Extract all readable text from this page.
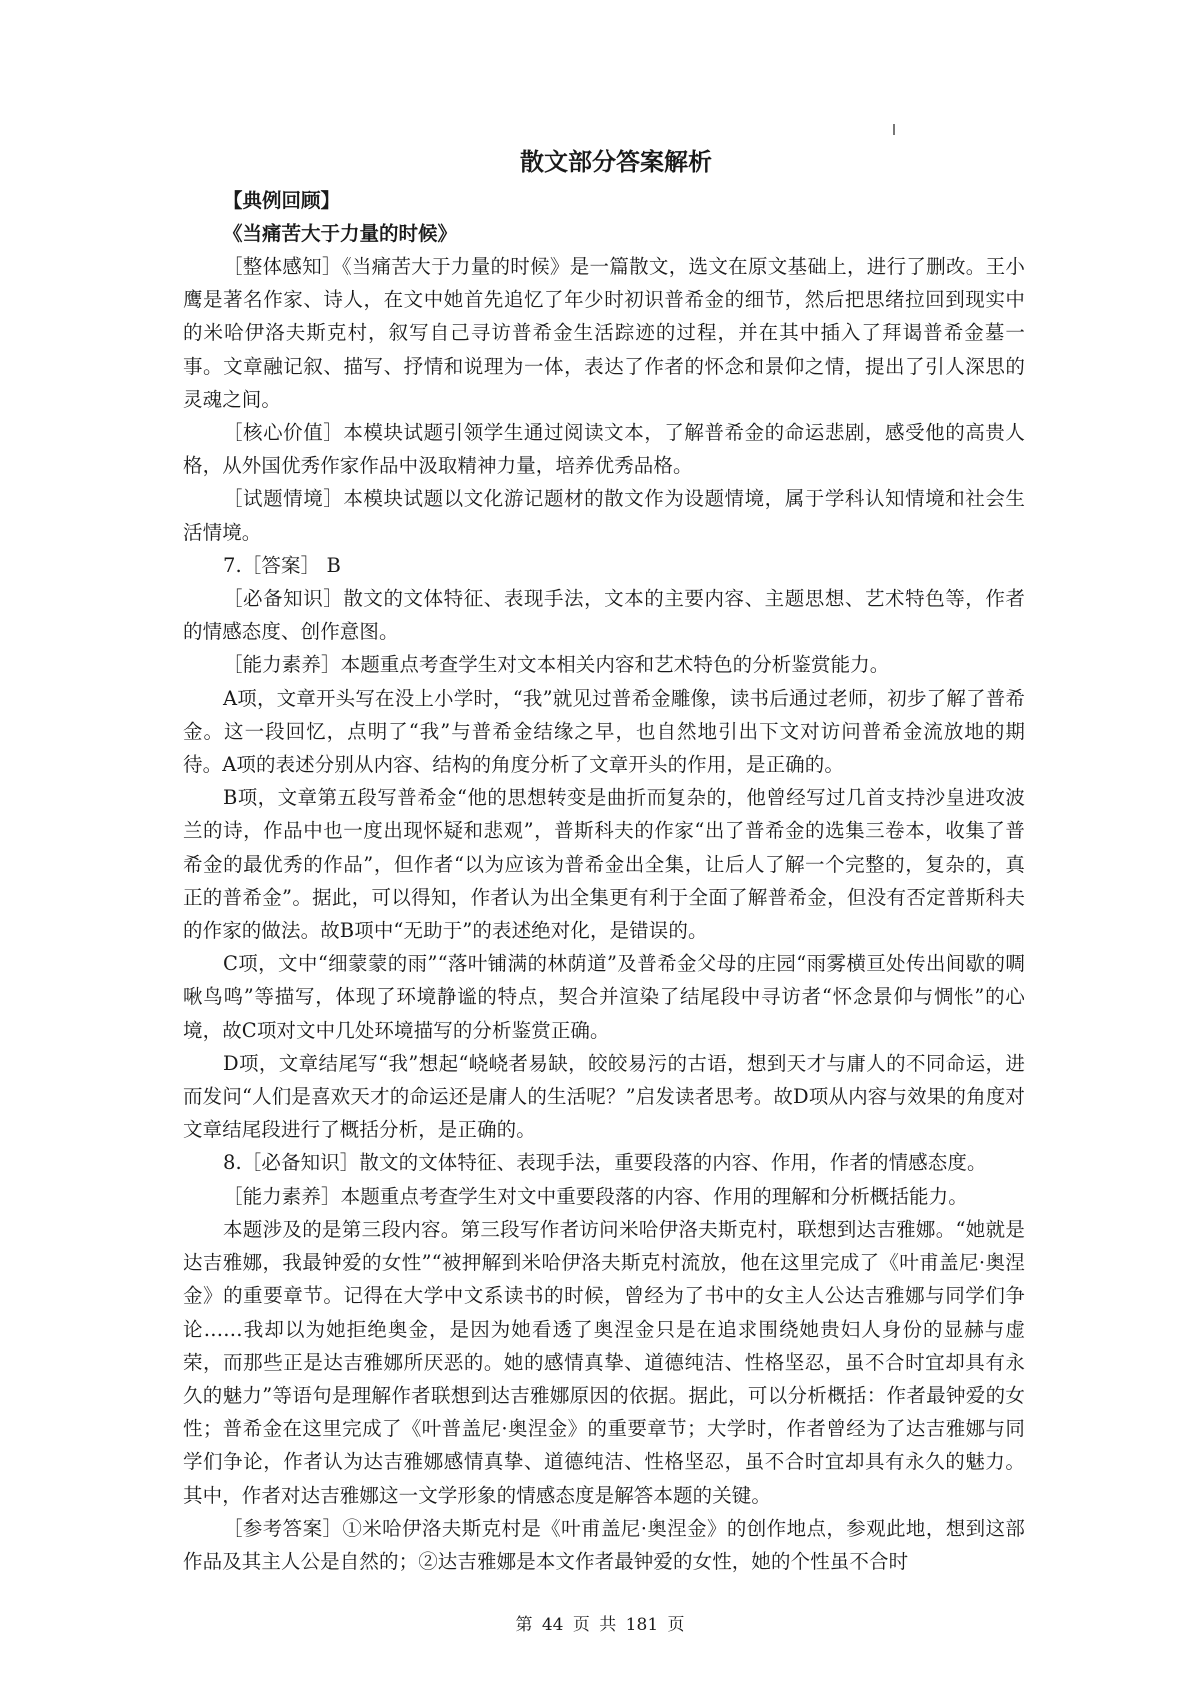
散文部分答案解析

【典例回顾】

《当痛苦大于力量的时候》

［整体感知］《当痛苦大于力量的时候》是一篇散文，选文在原文基础上，进行了删改。王小鹰是著名作家、诗人，在文中她首先追忆了年少时初识普希金的细节，然后把思绪拉回到现实中的米哈伊洛夫斯克村，叙写自己寻访普希金生活踪迹的过程，并在其中插入了拜谒普希金墓一事。文章融记叙、描写、抒情和说理为一体，表达了作者的怀念和景仰之情，提出了引人深思的灵魂之间。

［核心价值］本模块试题引领学生通过阅读文本，了解普希金的命运悲剧，感受他的高贵人格，从外国优秀作家作品中汲取精神力量，培养优秀品格。

［试题情境］本模块试题以文化游记题材的散文作为设题情境，属于学科认知情境和社会生活情境。

7.［答案］ B

［必备知识］散文的文体特征、表现手法，文本的主要内容、主题思想、艺术特色等，作者的情感态度、创作意图。

［能力素养］本题重点考查学生对文本相关内容和艺术特色的分析鉴赏能力。

A项，文章开头写在没上小学时，“我”就见过普希金雕像，读书后通过老师，初步了解了普希金。这一段回忆，点明了“我”与普希金结缘之早，也自然地引出下文对访问普希金流放地的期待。A项的表述分别从内容、结构的角度分析了文章开头的作用，是正确的。

B项，文章第五段写普希金“他的思想转变是曲折而复杂的，他曾经写过几首支持沙皇进攻波兰的诗，作品中也一度出现怀疑和悲观”，普斯科夫的作家“出了普希金的选集三卷本，收集了普希金的最优秀的作品”，但作者“以为应该为普希金出全集，让后人了解一个完整的，复杂的，真正的普希金”。据此，可以得知，作者认为出全集更有利于全面了解普希金，但没有否定普斯科夫的作家的做法。故B项中“无助于”的表述绝对化，是错误的。

C项，文中“细蒙蒙的雨”“落叶铺满的林荫道”及普希金父母的庄园“雨雾横亘处传出间歇的啁啾鸟鸣”等描写，体现了环境静谧的特点，契合并渲染了结尾段中寻访者“怀念景仰与惆怅”的心境，故C项对文中几处环境描写的分析鉴赏正确。

D项，文章结尾写“我”想起“峣峣者易缺，皎皎易污的古语，想到天才与庸人的不同命运，进而发问“人们是喜欢天才的命运还是庸人的生活呢？”启发读者思考。故D项从内容与效果的角度对文章结尾段进行了概括分析，是正确的。

8.［必备知识］散文的文体特征、表现手法，重要段落的内容、作用，作者的情感态度。

［能力素养］本题重点考查学生对文中重要段落的内容、作用的理解和分析概括能力。

本题涉及的是第三段内容。第三段写作者访问米哈伊洛夫斯克村，联想到达吉雅娜。“她就是达吉雅娜，我最钟爱的女性”“被押解到米哈伊洛夫斯克村流放，他在这里完成了《叶甫盖尼·奥涅金》的重要章节。记得在大学中文系读书的时候，曾经为了书中的女主人公达吉雅娜与同学们争论……我却以为她拒绝奥金，是因为她看透了奥涅金只是在追求围绕她贵妇人身份的显赫与虚荣，而那些正是达吉雅娜所厌恶的。她的感情真挚、道德纯洁、性格坚忍，虽不合时宜却具有永久的魅力”等语句是理解作者联想到达吉雅娜原因的依据。据此，可以分析概括：作者最钟爱的女性；普希金在这里完成了《叶普盖尼·奥涅金》的重要章节；大学时，作者曾经为了达吉雅娜与同学们争论，作者认为达吉雅娜感情真挚、道德纯洁、性格坚忍，虽不合时宜却具有永久的魅力。其中，作者对达吉雅娜这一文学形象的情感态度是解答本题的关键。

［参考答案］①米哈伊洛夫斯克村是《叶甫盖尼·奥涅金》的创作地点，参观此地，想到这部作品及其主人公是自然的；②达吉雅娜是本文作者最钟爱的女性，她的个性虽不合时

第 44 页 共 181 页
